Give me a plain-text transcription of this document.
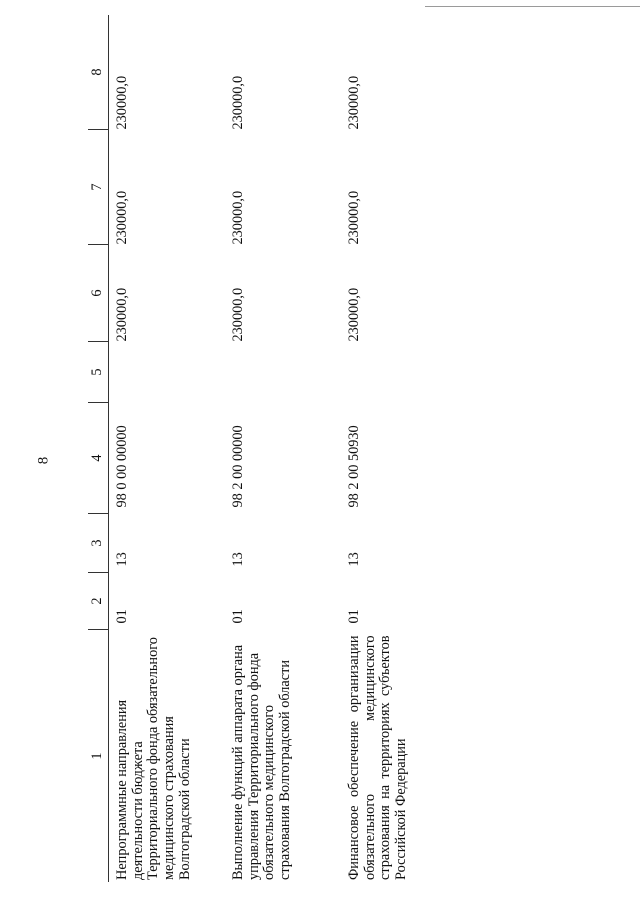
8
1	2	3	4	5	6	7	8
Непрограммные направления деятельности бюджета Территориального фонда обязательного медицинского страхования Волгоградской области	01	13	98 0 00 00000		230000,0	230000,0	230000,0
Выполнение функций аппарата органа управления Территориального фонда обязательного медицинского страхования Волгоградской области	01	13	98 2 00 00000		230000,0	230000,0	230000,0
Финансовое обеспечение организации обязательного медицинского страхования на территориях субъектов Российской Федерации	01	13	98 2 00 50930		230000,0	230000,0	230000,0
